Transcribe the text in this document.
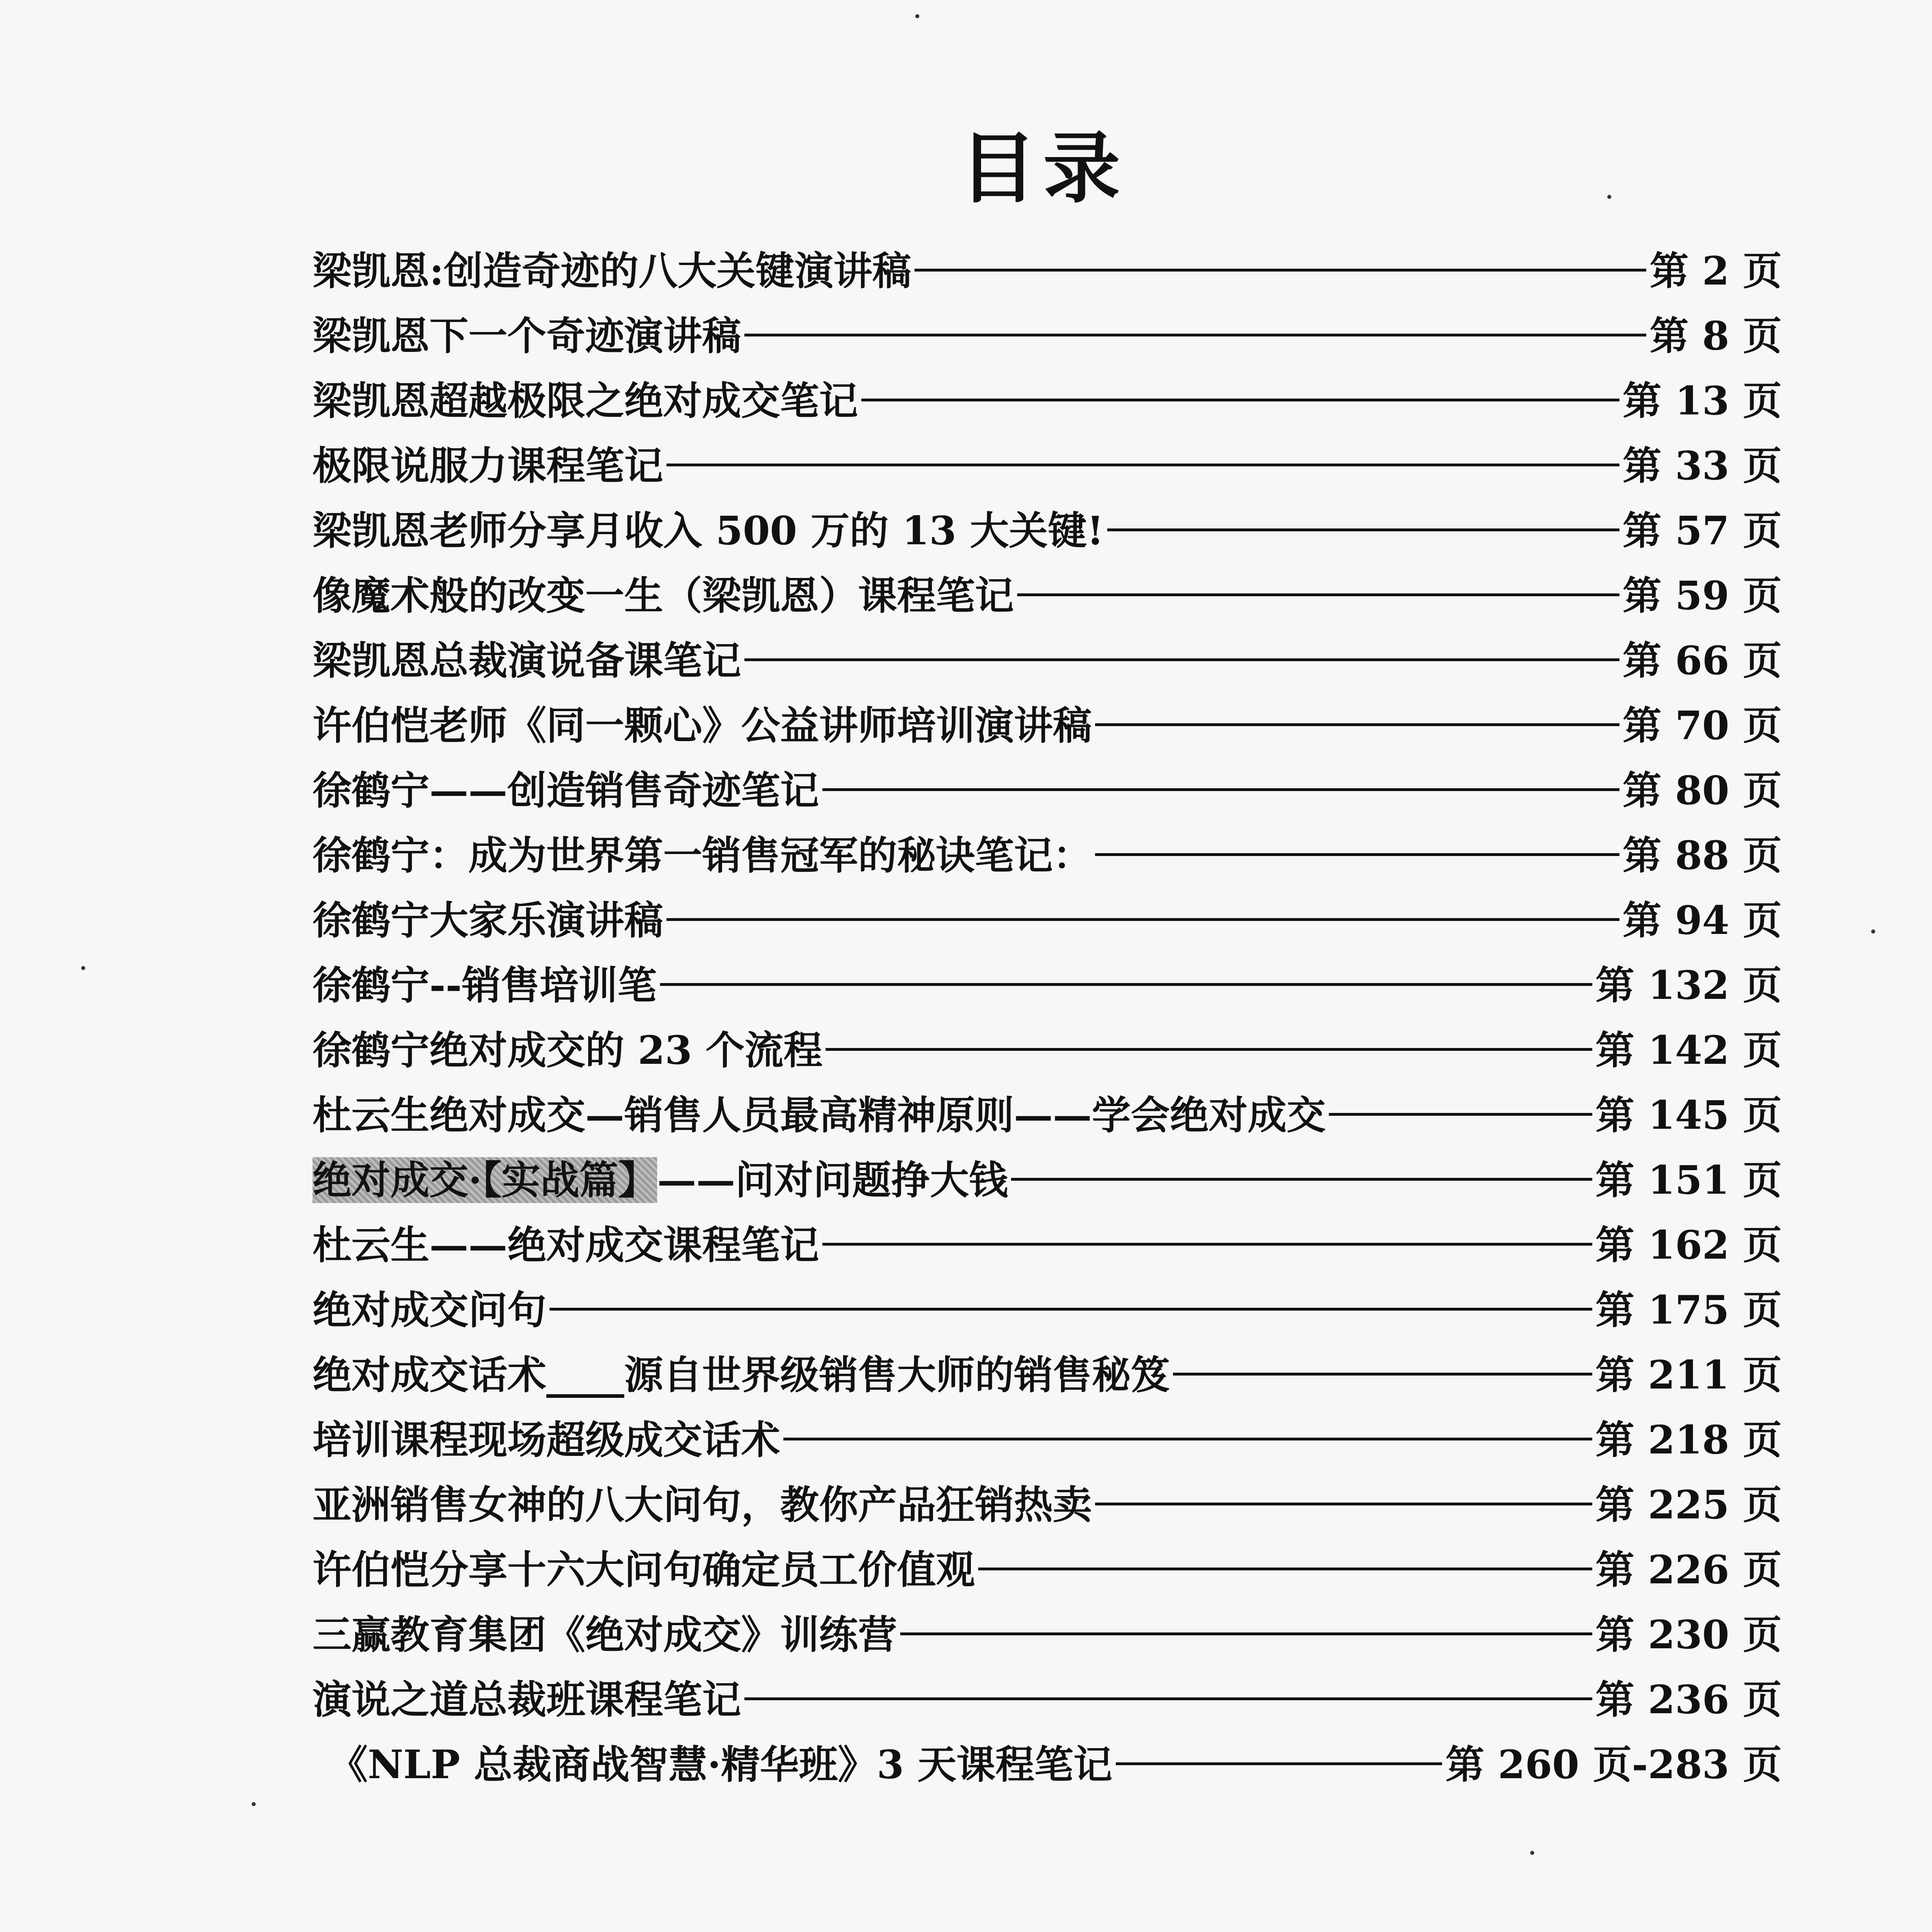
目录
梁凯恩:创造奇迹的八大关键演讲稿	第 2 页
梁凯恩下一个奇迹演讲稿	第 8 页
梁凯恩超越极限之绝对成交笔记	第 13 页
极限说服力课程笔记	第 33 页
梁凯恩老师分享月收入 500 万的 13 大关键!	第 57 页
像魔术般的改变一生（梁凯恩）课程笔记	第 59 页
梁凯恩总裁演说备课笔记	第 66 页
许伯恺老师《同一颗心》公益讲师培训演讲稿	第 70 页
徐鹤宁——创造销售奇迹笔记	第 80 页
徐鹤宁：成为世界第一销售冠军的秘诀笔记：	第 88 页
徐鹤宁大家乐演讲稿	第 94 页
徐鹤宁--销售培训笔	第 132 页
徐鹤宁绝对成交的 23 个流程	第 142 页
杜云生绝对成交—销售人员最高精神原则——学会绝对成交	第 145 页
绝对成交·【实战篇】——问对问题挣大钱	第 151 页
杜云生——绝对成交课程笔记	第 162 页
绝对成交问句	第 175 页
绝对成交话术____源自世界级销售大师的销售秘笈	第 211 页
培训课程现场超级成交话术	第 218 页
亚洲销售女神的八大问句，教你产品狂销热卖	第 225 页
许伯恺分享十六大问句确定员工价值观	第 226 页
三赢教育集团《绝对成交》训练营	第 230 页
演说之道总裁班课程笔记	第 236 页
《NLP 总裁商战智慧·精华班》3 天课程笔记	第 260 页-283 页
